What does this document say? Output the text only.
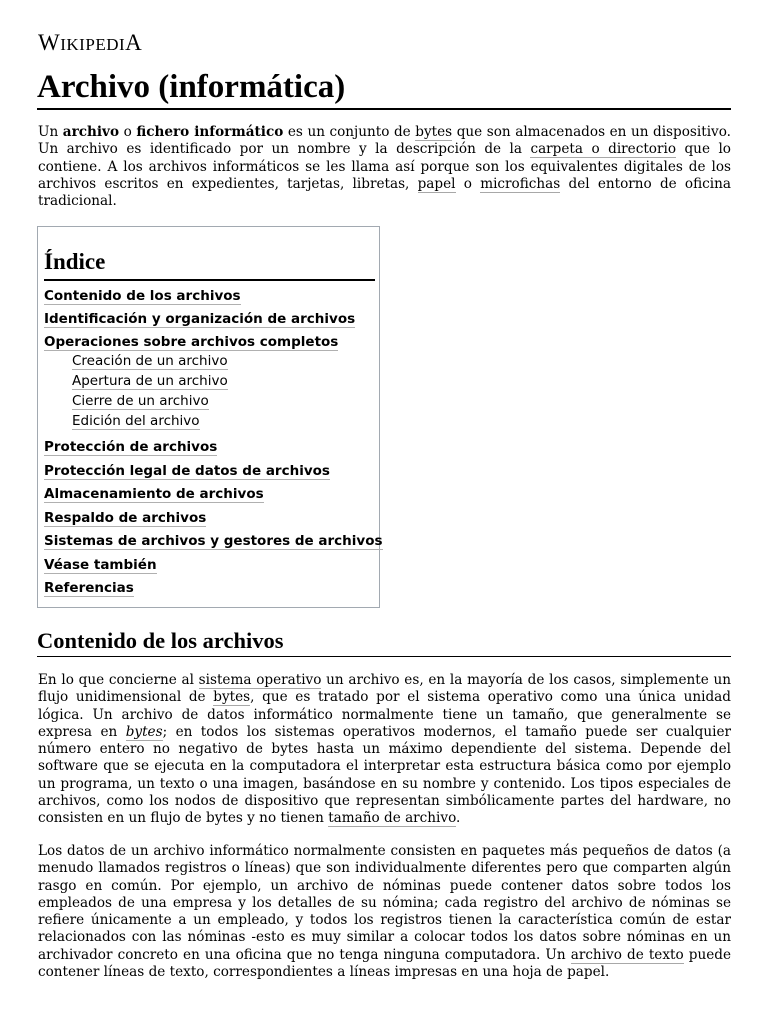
WIKIPEDIA
Archivo (informática)

Un archivo o fichero informático es un conjunto de bytes que son almacenados en un dispositivo. Un archivo es identificado por un nombre y la descripción de la carpeta o directorio que lo contiene. A los archivos informáticos se les llama así porque son los equivalentes digitales de los archivos escritos en expedientes, tarjetas, libretas, papel o microfichas del entorno de oficina tradicional.

Índice
Contenido de los archivos
Identificación y organización de archivos
Operaciones sobre archivos completos
Creación de un archivo
Apertura de un archivo
Cierre de un archivo
Edición del archivo
Protección de archivos
Protección legal de datos de archivos
Almacenamiento de archivos
Respaldo de archivos
Sistemas de archivos y gestores de archivos
Véase también
Referencias
Contenido de los archivos

En lo que concierne al sistema operativo un archivo es, en la mayoría de los casos, simplemente un flujo unidimensional de bytes, que es tratado por el sistema operativo como una única unidad lógica. Un archivo de datos informático normalmente tiene un tamaño, que generalmente se expresa en bytes; en todos los sistemas operativos modernos, el tamaño puede ser cualquier número entero no negativo de bytes hasta un máximo dependiente del sistema. Depende del software que se ejecuta en la computadora el interpretar esta estructura básica como por ejemplo un programa, un texto o una imagen, basándose en su nombre y contenido. Los tipos especiales de archivos, como los nodos de dispositivo que representan simbólicamente partes del hardware, no consisten en un flujo de bytes y no tienen tamaño de archivo.

Los datos de un archivo informático normalmente consisten en paquetes más pequeños de datos (a menudo llamados registros o líneas) que son individualmente diferentes pero que comparten algún rasgo en común. Por ejemplo, un archivo de nóminas puede contener datos sobre todos los empleados de una empresa y los detalles de su nómina; cada registro del archivo de nóminas se refiere únicamente a un empleado, y todos los registros tienen la característica común de estar relacionados con las nóminas -esto es muy similar a colocar todos los datos sobre nóminas en un archivador concreto en una oficina que no tenga ninguna computadora. Un archivo de texto puede contener líneas de texto, correspondientes a líneas impresas en una hoja de papel.
